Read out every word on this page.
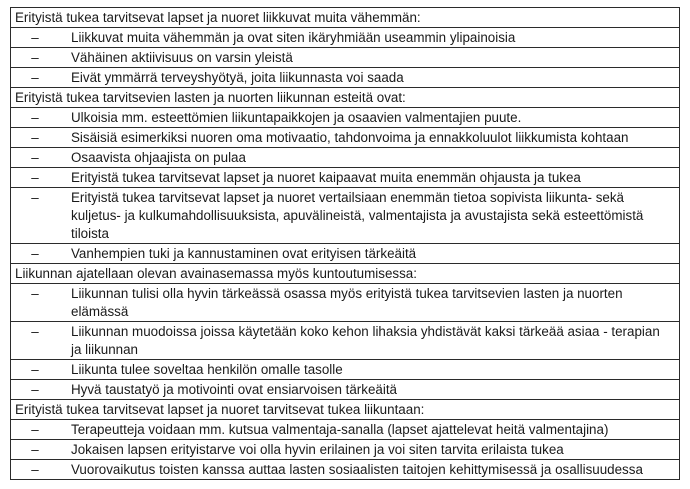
Erityistä tukea tarvitsevat lapset ja nuoret liikkuvat muita vähemmän:
–	Liikkuvat muita vähemmän ja ovat siten ikäryhmiään useammin ylipainoisia
–	Vähäinen aktiivisuus on varsin yleistä
–	Eivät ymmärrä terveyshyötyä, joita liikunnasta voi saada
Erityistä tukea tarvitsevien lasten ja nuorten liikunnan esteitä ovat:
–	Ulkoisia mm. esteettömien liikuntapaikkojen ja osaavien valmentajien puute.
–	Sisäisiä esimerkiksi nuoren oma motivaatio, tahdonvoima ja ennakkoluulot liikkumista kohtaan
–	Osaavista ohjaajista on pulaa
–	Erityistä tukea tarvitsevat lapset ja nuoret kaipaavat muita enemmän ohjausta ja tukea
–	Erityistä tukea tarvitsevat lapset ja nuoret vertailsiaan enemmän tietoa sopivista liikunta- sekä kuljetus- ja kulkumahdollisuuksista, apuvälineistä, valmentajista ja avustajista sekä esteettömistä tiloista
–	Vanhempien tuki ja kannustaminen ovat erityisen tärkeäitä
Liikunnan ajatellaan olevan avainasemassa myös kuntoutumisessa:
–	Liikunnan tulisi olla hyvin tärkeässä osassa myös erityistä tukea tarvitsevien lasten ja nuorten elämässä
–	Liikunnan muodoissa joissa käytetään koko kehon lihaksia yhdistävät kaksi tärkeää asiaa - terapian ja liikunnan
–	Liikunta tulee soveltaa henkilön omalle tasolle
–	Hyvä taustatyö ja motivointi ovat ensiarvoisen tärkeäitä
Erityistä tukea tarvitsevat lapset ja nuoret tarvitsevat tukea liikuntaan:
–	Terapeutteja voidaan mm. kutsua valmentaja-sanalla (lapset ajattelevat heitä valmentajina)
–	Jokaisen lapsen erityistarve voi olla hyvin erilainen ja voi siten tarvita erilaista tukea
–	Vuorovaikutus toisten kanssa auttaa lasten sosiaalisten taitojen kehittymisessä ja osallisuudessa
